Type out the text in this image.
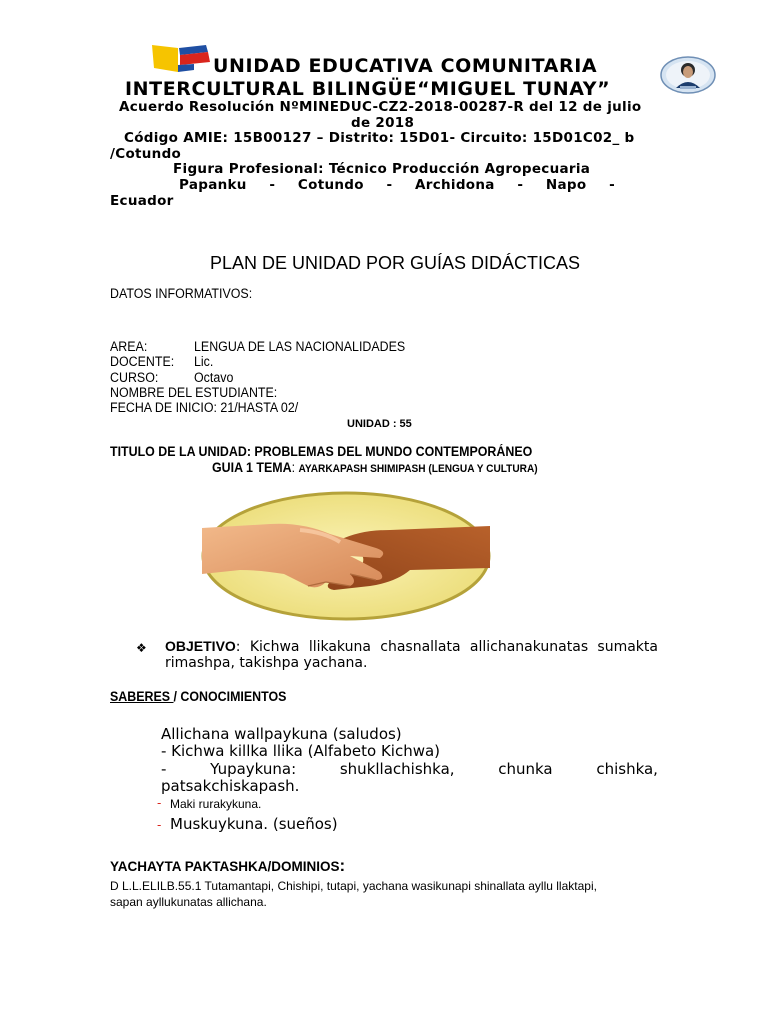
UNIDAD EDUCATIVA COMUNITARIA
INTERCULTURAL BILINGÜE“MIGUEL TUNAY”
Acuerdo Resolución NºMINEDUC-CZ2-2018-00287-R del 12 de julio
de 2018
Código AMIE: 15B00127 – Distrito: 15D01- Circuito: 15D01C02_ b
/Cotundo
Figura Profesional: Técnico Producción Agropecuaria
Papanku - Cotundo - Archidona - Napo -
Ecuador
PLAN DE UNIDAD POR GUÍAS DIDÁCTICAS
DATOS INFORMATIVOS:
AREA:	LENGUA DE LAS NACIONALIDADES
DOCENTE: Lic.
CURSO:	Octavo
NOMBRE DEL ESTUDIANTE:
FECHA DE INICIO: 21/HASTA 02/
UNIDAD : 55
TITULO DE LA UNIDAD: PROBLEMAS DEL MUNDO CONTEMPORÁNEO
GUIA 1 TEMA: AYARKAPASH SHIMIPASH (LENGUA Y CULTURA)
❖ OBJETIVO: Kichwa llikakuna chasnallata allichanakunatas sumakta
rimashpa, takishpa yachana.
SABERES / CONOCIMIENTOS
Allichana wallpaykuna (saludos)
- Kichwa killka llika (Alfabeto Kichwa)
-	Yupaykuna:	shukllachishka,	chunka	chishka,
patsakchiskapash.
- Maki rurakykuna.
- Muskuykuna. (sueños)
YACHAYTA PAKTASHKA/DOMINIOS:
D L.L.ELILB.55.1 Tutamantapi, Chishipi, tutapi, yachana wasikunapi shinallata ayllu llaktapi,
sapan ayllukunatas allichana.
